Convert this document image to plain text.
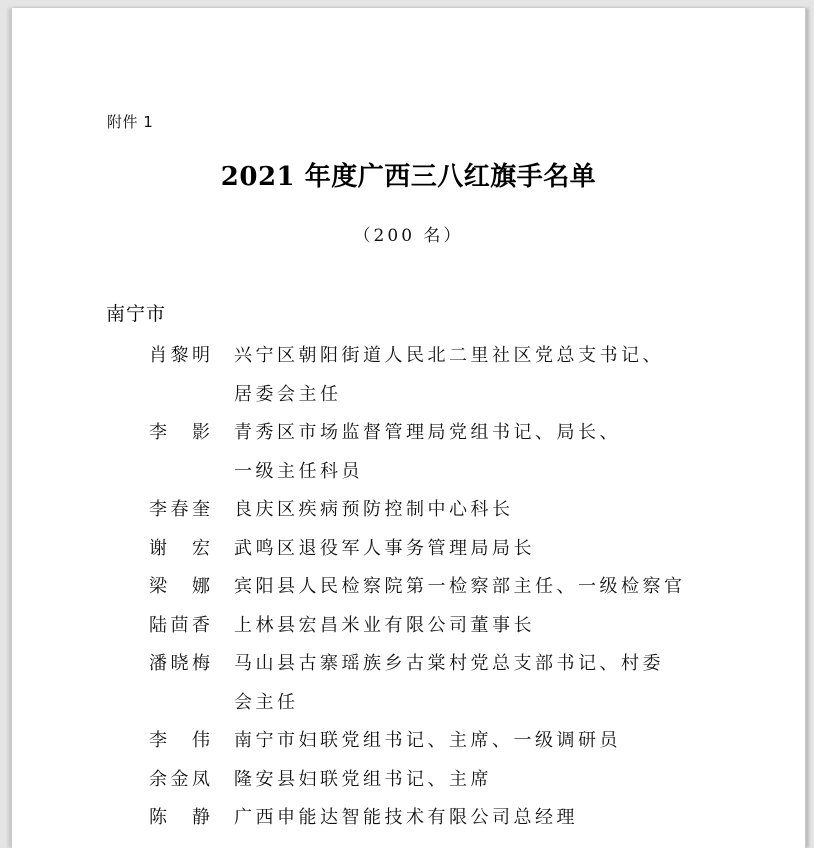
附件 1
2021 年度广西三八红旗手名单
（200 名）
南宁市
肖黎明	兴宁区朝阳街道人民北二里社区党总支书记、
居委会主任
李　影	青秀区市场监督管理局党组书记、局长、
一级主任科员
李春奎	良庆区疾病预防控制中心科长
谢　宏	武鸣区退役军人事务管理局局长
梁　娜	宾阳县人民检察院第一检察部主任、一级检察官
陆茴香	上林县宏昌米业有限公司董事长
潘晓梅	马山县古寨瑶族乡古棠村党总支部书记、村委
会主任
李　伟	南宁市妇联党组书记、主席、一级调研员
余金凤	隆安县妇联党组书记、主席
陈　静	广西申能达智能技术有限公司总经理
